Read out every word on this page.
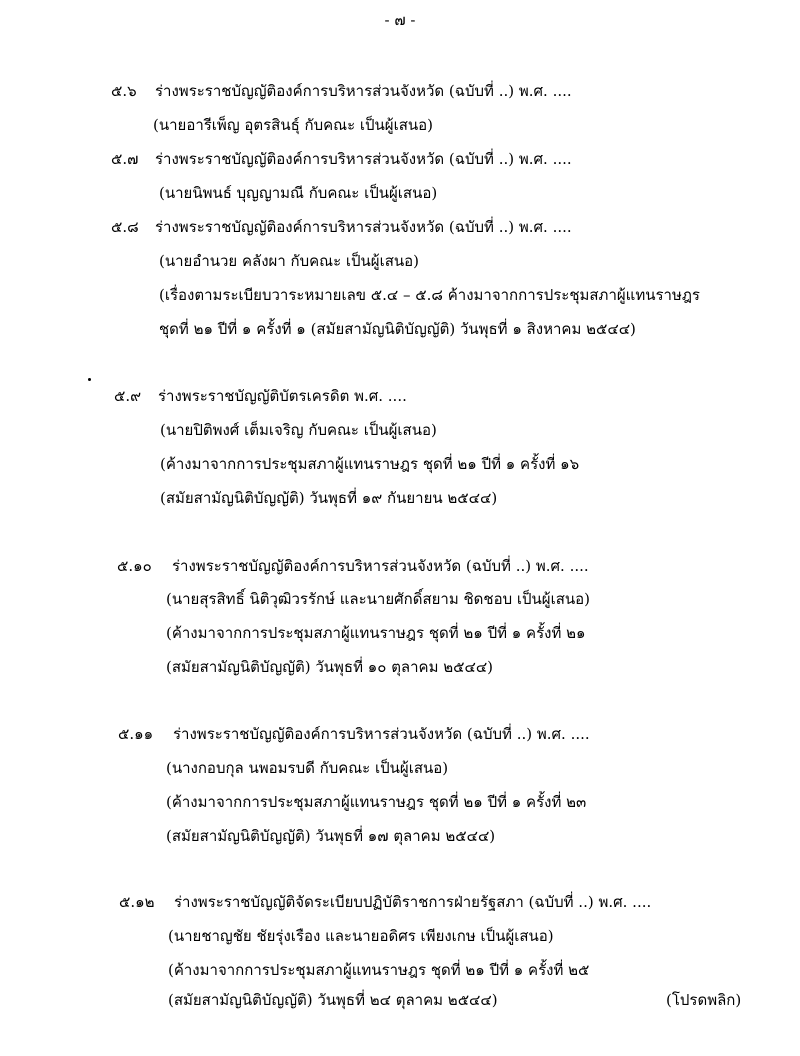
- ๗ -
๕.๖ ร่างพระราชบัญญัติองค์การบริหารส่วนจังหวัด (ฉบับที่ ..) พ.ศ. ....
(นายอารีเพ็ญ อุตรสินธุ์ กับคณะ เป็นผู้เสนอ)
๕.๗ ร่างพระราชบัญญัติองค์การบริหารส่วนจังหวัด (ฉบับที่ ..) พ.ศ. ....
(นายนิพนธ์ บุญญามณี กับคณะ เป็นผู้เสนอ)
๕.๘ ร่างพระราชบัญญัติองค์การบริหารส่วนจังหวัด (ฉบับที่ ..) พ.ศ. ....
(นายอำนวย คลังผา กับคณะ เป็นผู้เสนอ)
(เรื่องตามระเบียบวาระหมายเลข ๕.๔ – ๕.๘ ค้างมาจากการประชุมสภาผู้แทนราษฎร
ชุดที่ ๒๑ ปีที่ ๑ ครั้งที่ ๑ (สมัยสามัญนิติบัญญัติ) วันพุธที่ ๑ สิงหาคม ๒๕๔๔)
๕.๙ ร่างพระราชบัญญัติบัตรเครดิต พ.ศ. ....
(นายปิติพงศ์ เต็มเจริญ กับคณะ เป็นผู้เสนอ)
(ค้างมาจากการประชุมสภาผู้แทนราษฎร ชุดที่ ๒๑ ปีที่ ๑ ครั้งที่ ๑๖
(สมัยสามัญนิติบัญญัติ) วันพุธที่ ๑๙ กันยายน ๒๕๔๔)
๕.๑๐ ร่างพระราชบัญญัติองค์การบริหารส่วนจังหวัด (ฉบับที่ ..) พ.ศ. ....
(นายสุรสิทธิ์ นิติวุฒิวรรักษ์ และนายศักดิ์สยาม ชิดชอบ เป็นผู้เสนอ)
(ค้างมาจากการประชุมสภาผู้แทนราษฎร ชุดที่ ๒๑ ปีที่ ๑ ครั้งที่ ๒๑
(สมัยสามัญนิติบัญญัติ) วันพุธที่ ๑๐ ตุลาคม ๒๕๔๔)
๕.๑๑ ร่างพระราชบัญญัติองค์การบริหารส่วนจังหวัด (ฉบับที่ ..) พ.ศ. ....
(นางกอบกุล นพอมรบดี กับคณะ เป็นผู้เสนอ)
(ค้างมาจากการประชุมสภาผู้แทนราษฎร ชุดที่ ๒๑ ปีที่ ๑ ครั้งที่ ๒๓
(สมัยสามัญนิติบัญญัติ) วันพุธที่ ๑๗ ตุลาคม ๒๕๔๔)
๕.๑๒ ร่างพระราชบัญญัติจัดระเบียบปฏิบัติราชการฝ่ายรัฐสภา (ฉบับที่ ..) พ.ศ. ....
(นายชาญชัย ชัยรุ่งเรือง และนายอดิศร เพียงเกษ เป็นผู้เสนอ)
(ค้างมาจากการประชุมสภาผู้แทนราษฎร ชุดที่ ๒๑ ปีที่ ๑ ครั้งที่ ๒๕
(สมัยสามัญนิติบัญญัติ) วันพุธที่ ๒๔ ตุลาคม ๒๕๔๔)	(โปรดพลิก)
